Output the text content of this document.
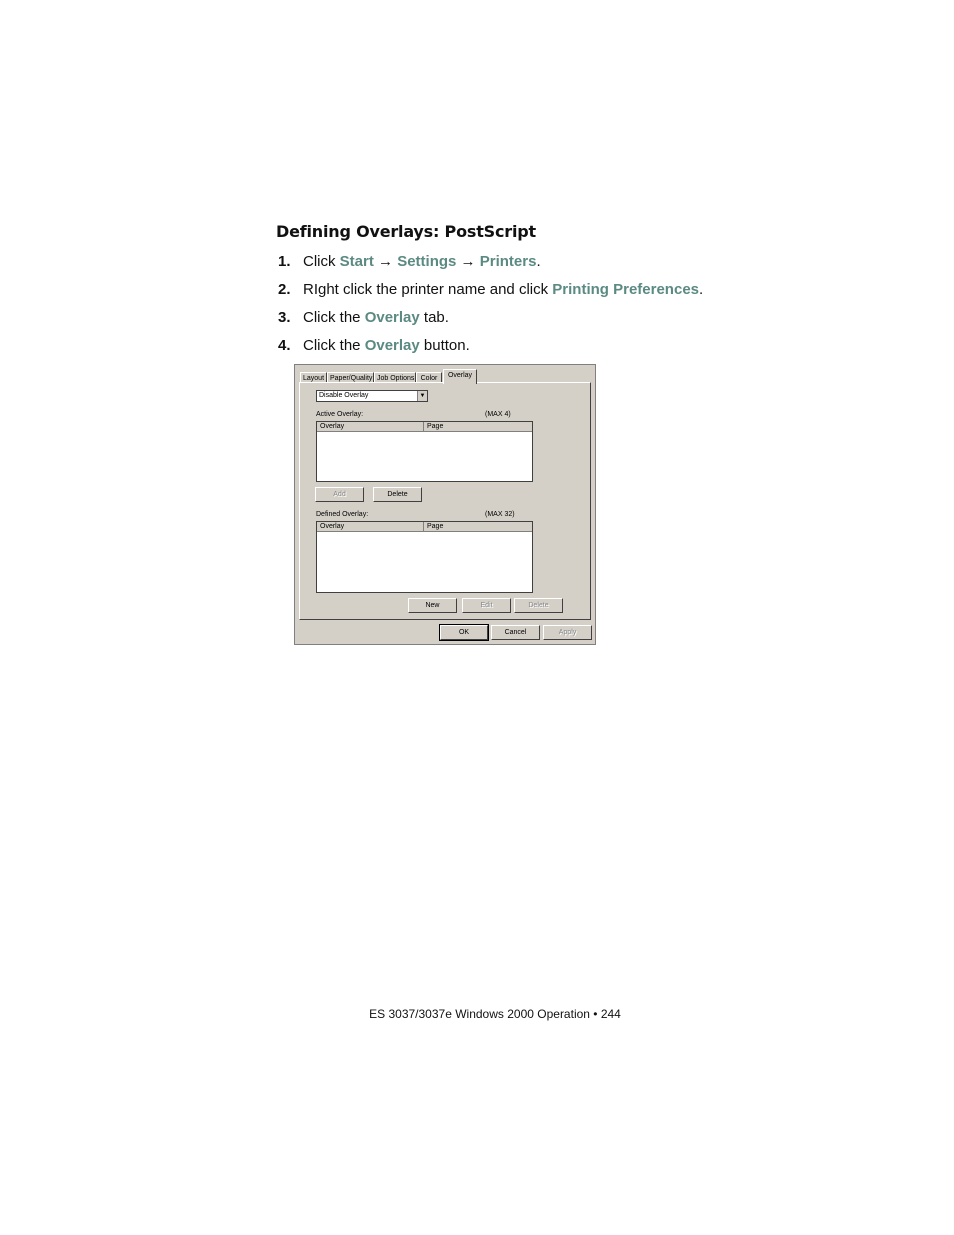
Defining Overlays: PostScript
1. Click Start → Settings → Printers.
2. RIght click the printer name and click Printing Preferences.
3. Click the Overlay tab.
4. Click the Overlay button.
Layout Paper/Quality Job Options Color	Overlay
Disable Overlay	▼
Active Overlay:	(MAX 4)
Overlay	Page
Add	Delete
Defined Overlay:	(MAX 32)
Overlay	Page
New	Edit	Delete
OK	Cancel	Apply
ES 3037/3037e Windows 2000 Operation • 244
